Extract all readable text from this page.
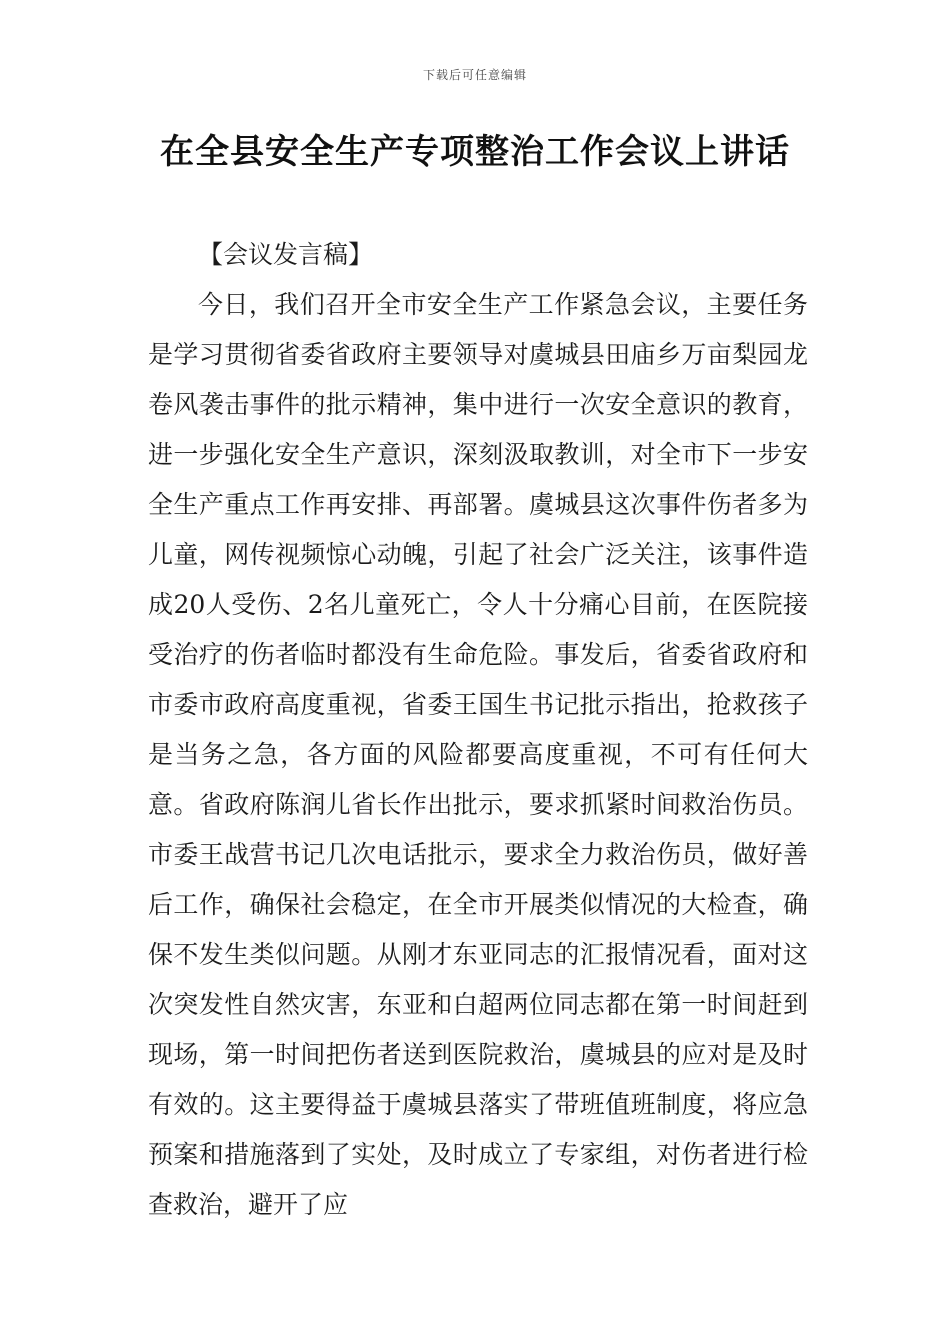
下载后可任意编辑
在全县安全生产专项整治工作会议上讲话

【会议发言稿】

今日，我们召开全市安全生产工作紧急会议，主要任务是学习贯彻省委省政府主要领导对虞城县田庙乡万亩梨园龙卷风袭击事件的批示精神，集中进行一次安全意识的教育，进一步强化安全生产意识，深刻汲取教训，对全市下一步安全生产重点工作再安排、再部署。虞城县这次事件伤者多为儿童，网传视频惊心动魄，引起了社会广泛关注，该事件造成20人受伤、2名儿童死亡，令人十分痛心目前，在医院接受治疗的伤者临时都没有生命危险。事发后，省委省政府和市委市政府高度重视，省委王国生书记批示指出，抢救孩子是当务之急，各方面的风险都要高度重视，不可有任何大意。省政府陈润儿省长作出批示，要求抓紧时间救治伤员。市委王战营书记几次电话批示，要求全力救治伤员，做好善后工作，确保社会稳定，在全市开展类似情况的大检查，确保不发生类似问题。从刚才东亚同志的汇报情况看，面对这次突发性自然灾害，东亚和白超两位同志都在第一时间赶到现场，第一时间把伤者送到医院救治，虞城县的应对是及时有效的。这主要得益于虞城县落实了带班值班制度，将应急预案和措施落到了实处，及时成立了专家组，对伤者进行检查救治，避开了应
